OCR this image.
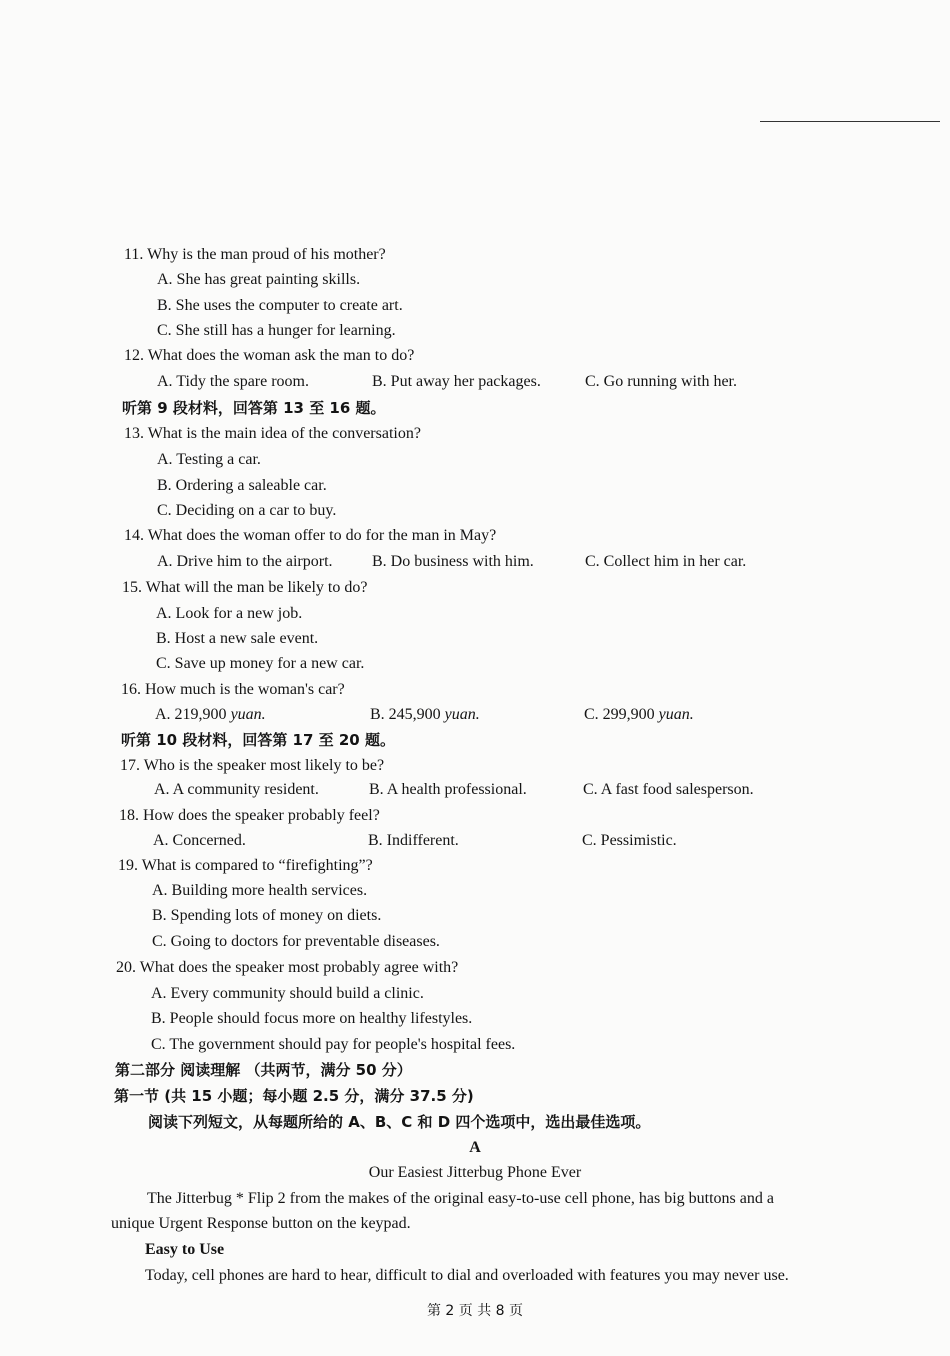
11. Why is the man proud of his mother?
A. She has great painting skills.
B. She uses the computer to create art.
C. She still has a hunger for learning.
12. What does the woman ask the man to do?
A. Tidy the spare room.	B. Put away her packages.	C. Go running with her.
听第 9 段材料，回答第 13 至 16 题。
13. What is the main idea of the conversation?
A. Testing a car.
B. Ordering a saleable car.
C. Deciding on a car to buy.
14. What does the woman offer to do for the man in May?
A. Drive him to the airport. B. Do business with him.	C. Collect him in her car.
15. What will the man be likely to do?
A. Look for a new job.
B. Host a new sale event.
C. Save up money for a new car.
16. How much is the woman's car?
A. 219,900 yuan.	B. 245,900 yuan.	C. 299,900 yuan.
听第 10 段材料，回答第 17 至 20 题。
17. Who is the speaker most likely to be?
A. A community resident.	B. A health professional.	C. A fast food salesperson.
18. How does the speaker probably feel?
A. Concerned.	B. Indifferent.	C. Pessimistic.
19. What is compared to “firefighting”?
A. Building more health services.
B. Spending lots of money on diets.
C. Going to doctors for preventable diseases.
20. What does the speaker most probably agree with?
A. Every community should build a clinic.
B. People should focus more on healthy lifestyles.
C. The government should pay for people's hospital fees.
第二部分 阅读理解 （共两节，满分 50 分）
第一节 (共 15 小题；每小题 2.5 分，满分 37.5 分)
阅读下列短文，从每题所给的 A、B、C 和 D 四个选项中，选出最佳选项。
A
Our Easiest Jitterbug Phone Ever
The Jitterbug * Flip 2 from the makes of the original easy-to-use cell phone, has big buttons and a
unique Urgent Response button on the keypad.
Easy to Use
Today, cell phones are hard to hear, difficult to dial and overloaded with features you may never use.
第 2 页 共 8 页
